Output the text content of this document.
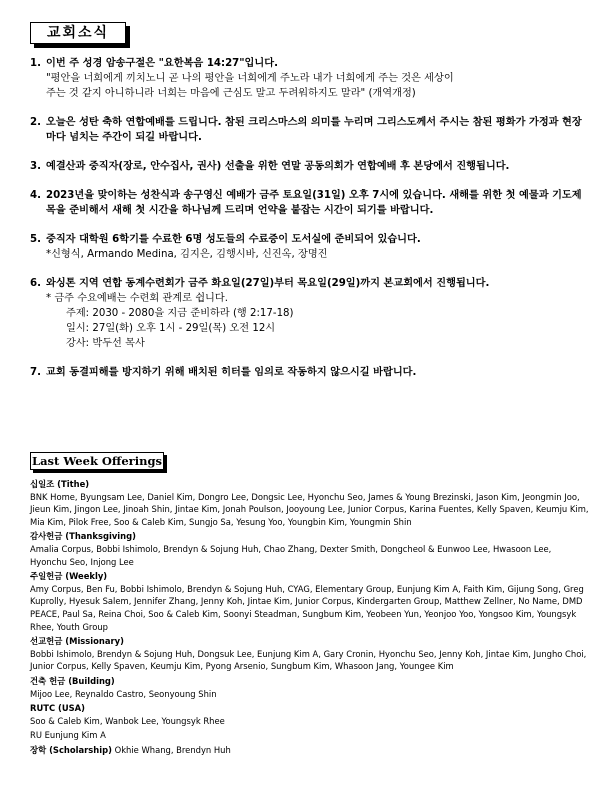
교회소식
1. 이번 주 성경 암송구절은 "요한복음 14:27"입니다.
"평안을 너희에게 끼치노니 곧 나의 평안을 너희에게 주노라 내가 너희에게 주는 것은 세상이
주는 것 같지 아니하니라 너희는 마음에 근심도 말고 두려워하지도 말라" (개역개정)
2. 오늘은 성탄 축하 연합예배를 드립니다. 참된 크리스마스의 의미를 누리며 그리스도께서 주시는 참된 평화가 가정과 현장마다 넘치는 주간이 되길 바랍니다.
3. 예결산과 중직자(장로, 안수집사, 권사) 선출을 위한 연말 공동의회가 연합예배 후 본당에서 진행됩니다.
4. 2023년을 맞이하는 성찬식과 송구영신 예배가 금주 토요일(31일) 오후 7시에 있습니다. 새해를 위한 첫 예물과 기도제목을 준비해서 새해 첫 시간을 하나님께 드리며 언약을 붙잡는 시간이 되기를 바랍니다.
5. 중직자 대학원 6학기를 수료한 6명 성도들의 수료증이 도서실에 준비되어 있습니다.
*신형식, Armando Medina, 김지은, 김행시바, 신진옥, 장명진
6. 와싱톤 지역 연합 동계수련회가 금주 화요일(27일)부터 목요일(29일)까지 본교회에서 진행됩니다.
* 금주 수요예배는 수련회 관계로 쉽니다.
주제: 2030 - 2080을 지금 준비하라 (행 2:17-18)
일시: 27일(화) 오후 1시 - 29일(목) 오전 12시
강사: 박두선 목사
7. 교회 동결피해를 방지하기 위해 배치된 히터를 임의로 작동하지 않으시길 바랍니다.
Last Week Offerings
십일조 (Tithe)
BNK Home, Byungsam Lee, Daniel Kim, Dongro Lee, Dongsic Lee, Hyonchu Seo, James & Young Brezinski, Jason Kim, Jeongmin Joo, Jieun Kim, Jingon Lee, Jinoah Shin, Jintae Kim, Jonah Poulson, Jooyoung Lee, Junior Corpus, Karina Fuentes, Kelly Spaven, Keumju Kim, Mia Kim, Pilok Free, Soo & Caleb Kim, Sungjo Sa, Yesung Yoo, Youngbin Kim, Youngmin Shin
감사헌금 (Thanksgiving)
Amalia Corpus, Bobbi Ishimolo, Brendyn & Sojung Huh, Chao Zhang, Dexter Smith, Dongcheol & Eunwoo Lee, Hwasoon Lee, Hyonchu Seo, Injong Lee
주일헌금 (Weekly)
Amy Corpus, Ben Fu, Bobbi Ishimolo, Brendyn & Sojung Huh, CYAG, Elementary Group, Eunjung Kim A, Faith Kim, Gijung Song, Greg Kuprolly, Hyesuk Salem, Jennifer Zhang, Jenny Koh, Jintae Kim, Junior Corpus, Kindergarten Group, Matthew Zellner, No Name, DMD PEACE, Paul Sa, Reina Choi, Soo & Caleb Kim, Soonyi Steadman, Sungbum Kim, Yeobeen Yun, Yeonjoo Yoo, Yongsoo Kim, Youngsyk Rhee, Youth Group
선교헌금 (Missionary)
Bobbi Ishimolo, Brendyn & Sojung Huh, Dongsuk Lee, Eunjung Kim A, Gary Cronin, Hyonchu Seo, Jenny Koh, Jintae Kim, Jungho Choi, Junior Corpus, Kelly Spaven, Keumju Kim, Pyong Arsenio, Sungbum Kim, Whasoon Jang, Youngee Kim
건축 헌금 (Building)
Mijoo Lee, Reynaldo Castro, Seonyoung Shin
RUTC (USA)
Soo & Caleb Kim, Wanbok Lee, Youngsyk Rhee
RU Eunjung Kim A
장학 (Scholarship) Okhie Whang, Brendyn Huh
